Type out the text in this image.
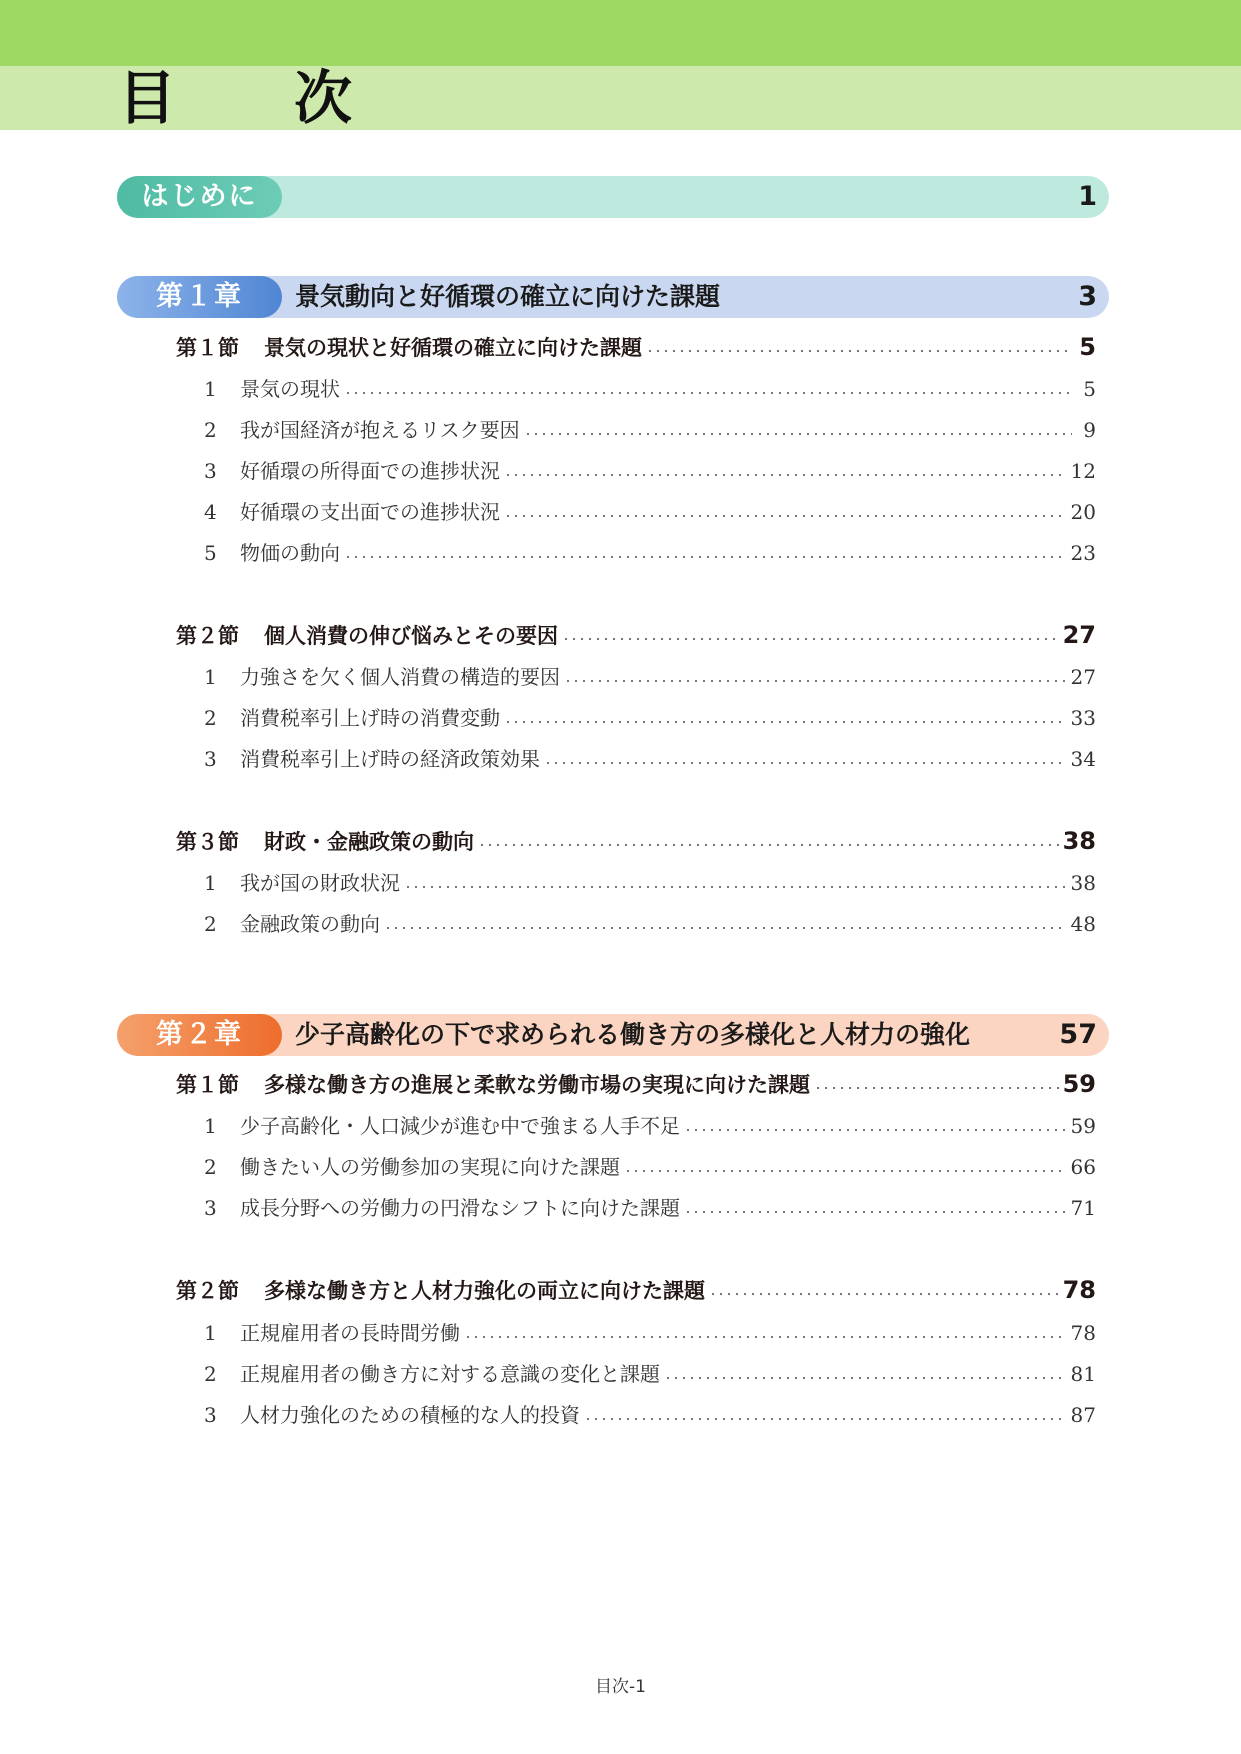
目　次
はじめに	1
第１章	景気動向と好循環の確立に向けた課題	3
第１節	景気の現状と好循環の確立に向けた課題	5
1	景気の現状	5
2	我が国経済が抱えるリスク要因	9
3	好循環の所得面での進捗状況	12
4	好循環の支出面での進捗状況	20
5	物価の動向	23
第２節	個人消費の伸び悩みとその要因	27
1	力強さを欠く個人消費の構造的要因	27
2	消費税率引上げ時の消費変動	33
3	消費税率引上げ時の経済政策効果	34
第３節	財政・金融政策の動向	38
1	我が国の財政状況	38
2	金融政策の動向	48
第２章	少子高齢化の下で求められる働き方の多様化と人材力の強化	57
第１節	多様な働き方の進展と柔軟な労働市場の実現に向けた課題	59
1	少子高齢化・人口減少が進む中で強まる人手不足	59
2	働きたい人の労働参加の実現に向けた課題	66
3	成長分野への労働力の円滑なシフトに向けた課題	71
第２節	多様な働き方と人材力強化の両立に向けた課題	78
1	正規雇用者の長時間労働	78
2	正規雇用者の働き方に対する意識の変化と課題	81
3	人材力強化のための積極的な人的投資	87
目次-1
